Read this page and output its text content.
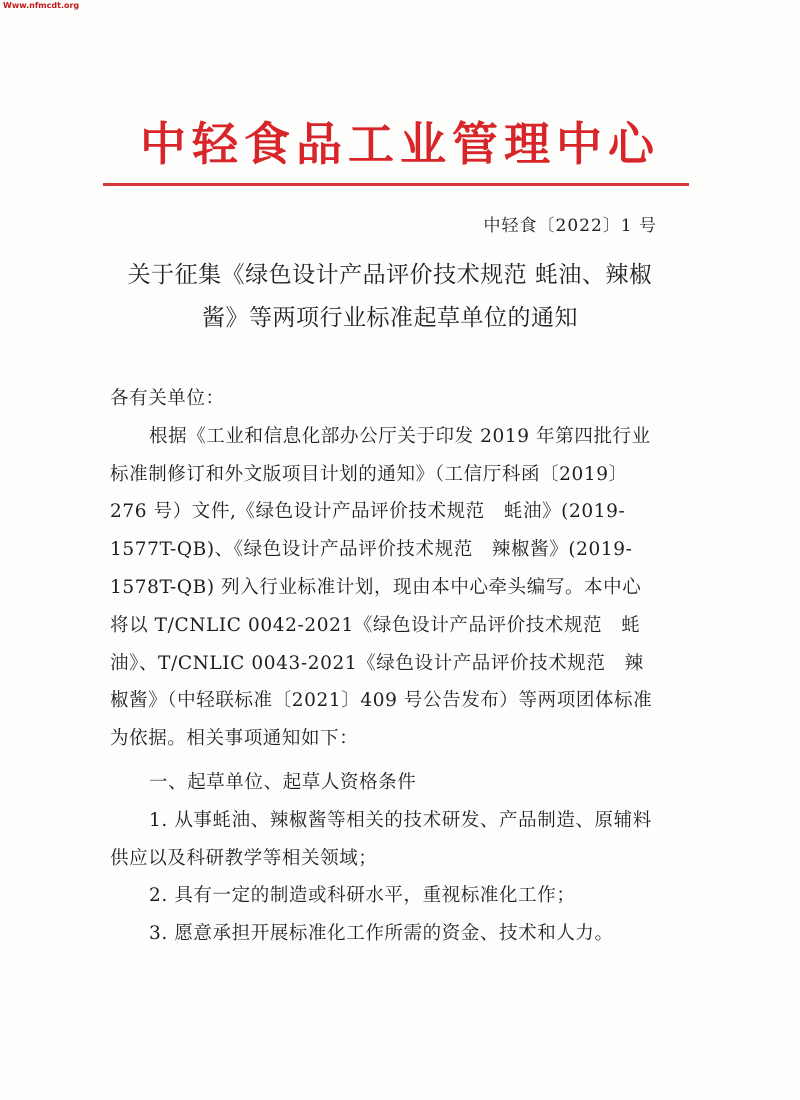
Www.nfmcdt.org
中轻食品工业管理中心
中轻食〔2022〕1 号
关于征集《绿色设计产品评价技术规范 蚝油、辣椒酱》等两项行业标准起草单位的通知

各有关单位：

根据《工业和信息化部办公厅关于印发 2019 年第四批行业标准制修订和外文版项目计划的通知》（工信厅科函〔2019〕276 号）文件,《绿色设计产品评价技术规范　蚝油》(2019-1577T-QB)、《绿色设计产品评价技术规范　辣椒酱》(2019-1578T-QB) 列入行业标准计划，现由本中心牵头编写。本中心将以 T/CNLIC 0042-2021《绿色设计产品评价技术规范　蚝油》、T/CNLIC 0043-2021《绿色设计产品评价技术规范　辣椒酱》（中轻联标准〔2021〕409 号公告发布）等两项团体标准为依据。相关事项通知如下：

一、起草单位、起草人资格条件

1. 从事蚝油、辣椒酱等相关的技术研发、产品制造、原辅料供应以及科研教学等相关领域；

2. 具有一定的制造或科研水平，重视标准化工作；

3. 愿意承担开展标准化工作所需的资金、技术和人力。
